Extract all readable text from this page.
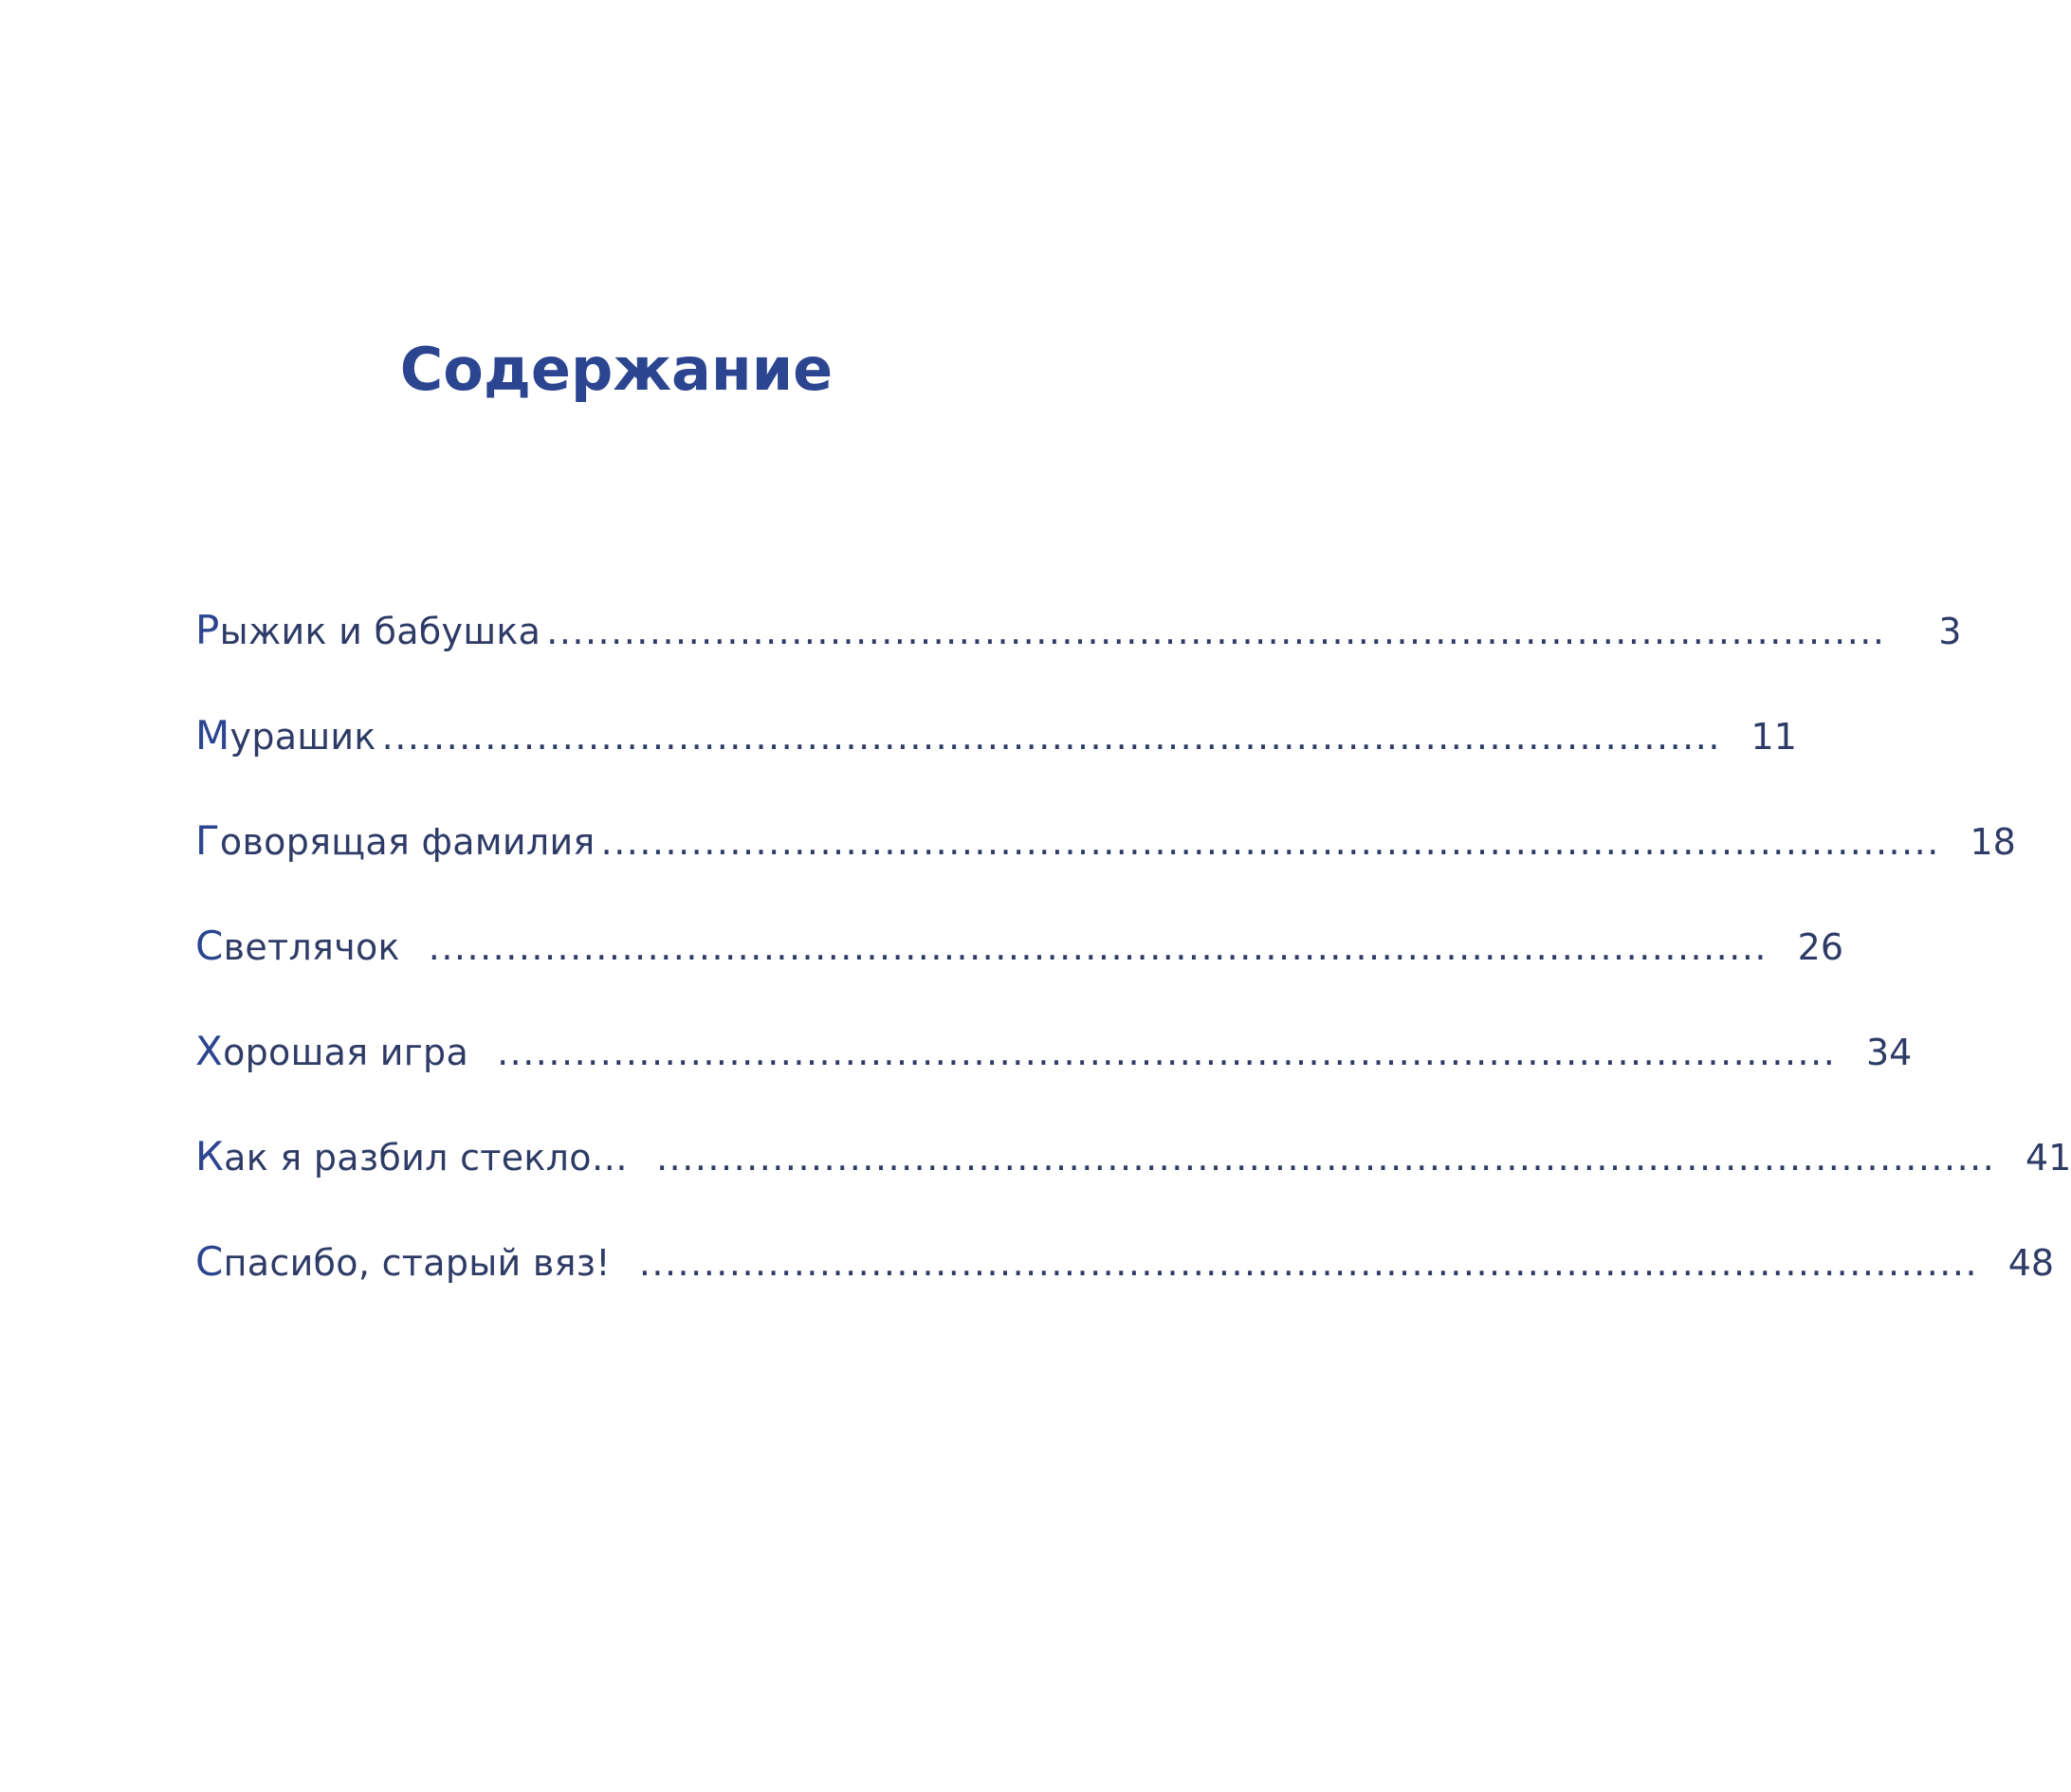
Содержание
Рыжик и бабушка ........................................................................................................	3
Мурашик ........................................................................................................ 11
Говорящая фамилия ........................................................................................................ 18
Светлячок ........................................................................................................ 26
Хорошая игра ........................................................................................................ 34
Как я разбил стекло… ........................................................................................................ 41
Спасибо, старый вяз! ........................................................................................................ 48
